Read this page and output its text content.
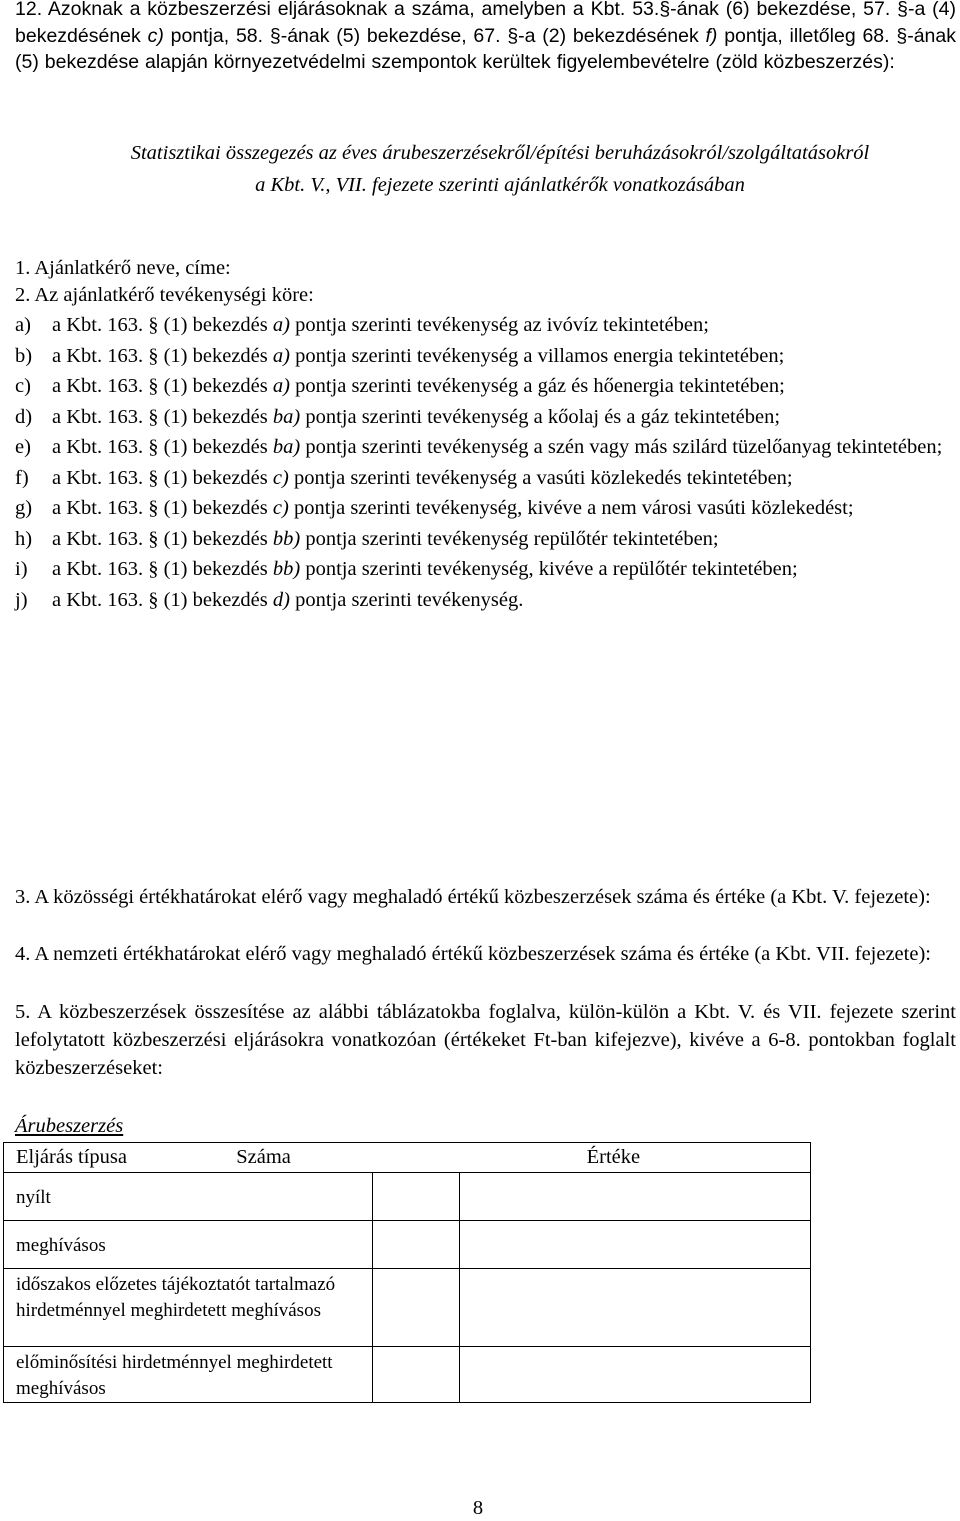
12. Azoknak a közbeszerzési eljárásoknak a száma, amelyben a Kbt. 53.§-ának (6) bekezdése, 57. §-a (4) bekezdésének c) pontja, 58. §-ának (5) bekezdése, 67. §-a (2) bekezdésének f) pontja, illetőleg 68. §-ának (5) bekezdése alapján környezetvédelmi szempontok kerültek figyelembevételre (zöld közbeszerzés):

Statisztikai összegezés az éves árubeszerzésekről/építési beruházásokról/szolgáltatásokról
a Kbt. V., VII. fejezete szerinti ajánlatkérők vonatkozásában

1. Ajánlatkérő neve, címe:

2. Az ajánlatkérő tevékenységi köre:

a)	a Kbt. 163. § (1) bekezdés a) pontja szerinti tevékenység az ivóvíz tekintetében;
b) a Kbt. 163. § (1) bekezdés a) pontja szerinti tevékenység a villamos energia tekintetében;
c)	a Kbt. 163. § (1) bekezdés a) pontja szerinti tevékenység a gáz és hőenergia tekintetében;
d) a Kbt. 163. § (1) bekezdés ba) pontja szerinti tevékenység a kőolaj és a gáz tekintetében;
e)	a Kbt. 163. § (1) bekezdés ba) pontja szerinti tevékenység a szén vagy más szilárd tüzelőanyag tekintetében;
f)	a Kbt. 163. § (1) bekezdés c) pontja szerinti tevékenység a vasúti közlekedés tekintetében;
g) a Kbt. 163. § (1) bekezdés c) pontja szerinti tevékenység, kivéve a nem városi vasúti közlekedést;
h) a Kbt. 163. § (1) bekezdés bb) pontja szerinti tevékenység repülőtér tekintetében;
i)	a Kbt. 163. § (1) bekezdés bb) pontja szerinti tevékenység, kivéve a repülőtér tekintetében;
j)	a Kbt. 163. § (1) bekezdés d) pontja szerinti tevékenység.

3. A közösségi értékhatárokat elérő vagy meghaladó értékű közbeszerzések száma és értéke (a Kbt. V. fejezete):

4. A nemzeti értékhatárokat elérő vagy meghaladó értékű közbeszerzések száma és értéke (a Kbt. VII. fejezete):

5. A közbeszerzések összesítése az alábbi táblázatokba foglalva, külön-külön a Kbt. V. és VII. fejezete szerint lefolytatott közbeszerzési eljárásokra vonatkozóan (értékeket Ft-ban kifejezve), kivéve a 6-8. pontokban foglalt közbeszerzéseket:

Árubeszerzés

Eljárás típusa	Száma	Értéke
nyílt		
meghívásos		
időszakos előzetes tájékoztatót tartalmazó hirdetménnyel meghirdetett meghívásos		
előminősítési hirdetménnyel meghirdetett meghívásos		
8
